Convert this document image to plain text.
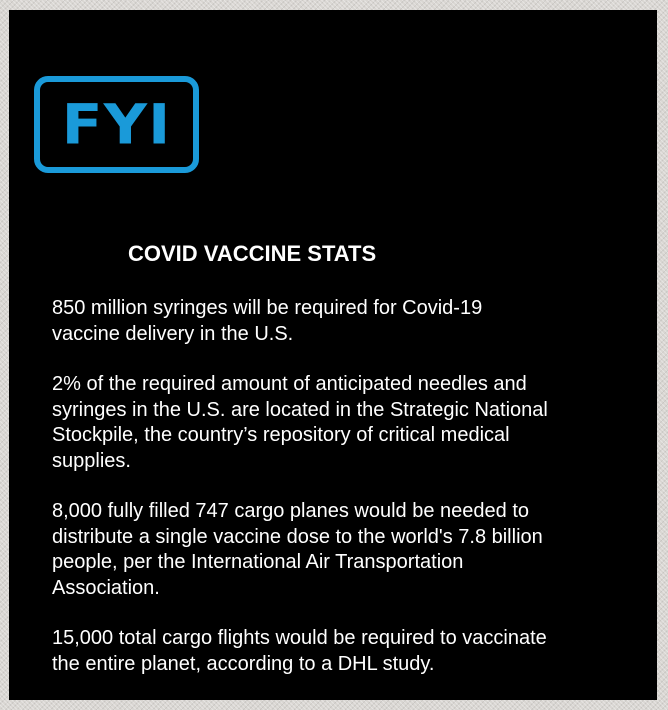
FYI
COVID VACCINE STATS
850 million syringes will be required for Covid-19
vaccine delivery in the U.S.
2% of the required amount of anticipated needles and
syringes in the U.S. are located in the Strategic National
Stockpile, the country’s repository of critical medical
supplies.
8,000 fully filled 747 cargo planes would be needed to
distribute a single vaccine dose to the world's 7.8 billion
people, per the International Air Transportation
Association.
15,000 total cargo flights would be required to vaccinate
the entire planet, according to a DHL study.
